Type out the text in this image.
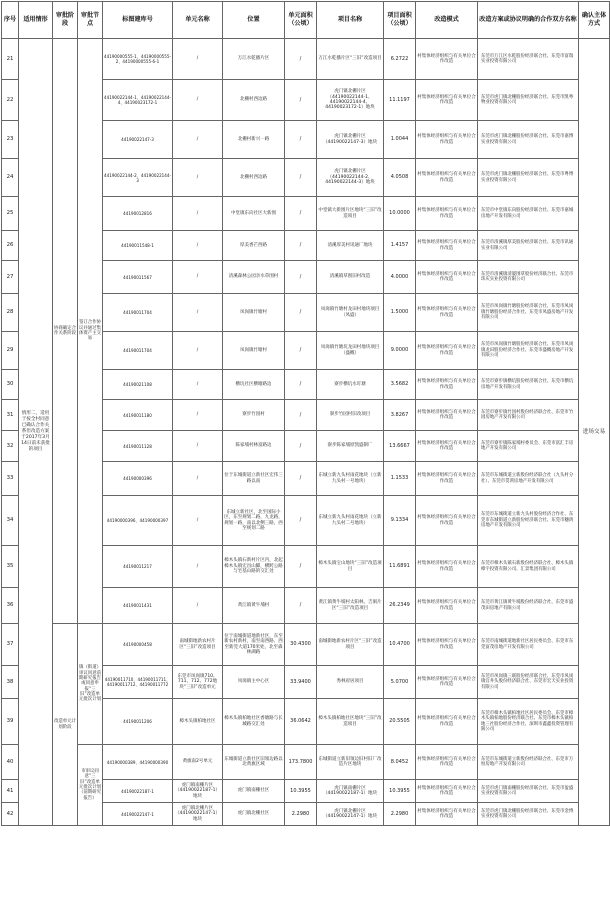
序号	适用情形	审批阶段	审批节点	标图建库号	单元名称	位置	单元面积（公顷）	项目名称	项目面积（公顷）	改造模式	改造方案或协议明确的合作双方名称	确认主体方式
21	情形二，适用于按全村同意已确认合作关系但改造方案于2017年3月14日前未获批的项目	协商确定合作关系阶段	签订合作协议并通过集体资产主交易	44190000555-1、44190000555-2、44190000555-6-1	/	万江水乾播片区	/	万江水乾播片区“三旧”改造项目	6.2722	村集体经济组织与有关单位合作改造	东莞市万江区水乾股份经济联合社、东莞市富瑞实业投资有限公司	进场交易
22				44190022144-1、44190022144-4、44190023172-1	/	北栅村西边路	/	虎门镇北栅片区（44190022144-1、44190022144-4、44190023172-1）地块	11.1197	村集体经济组织与有关单位合作改造	东莞市虎门镇北栅股份经济联合社、东莞市凯粤物业投资有限公司	
23				44190022147-3	/	北栅村新兴一路	/	虎门镇北栅片区（44190022147-3）地块	1.0044	村集体经济组织与有关单位合作改造	东莞市虎门镇北栅股份经济联合社、东莞市嘉博实业投资有限公司	
24				44190022144-2、44190022144-3	/	北栅村西边路	/	虎门镇北栅片区（44190022144-2、44190022144-3）地块	4.0508	村集体经济组织与有关单位合作改造	东莞市虎门镇北栅股份经济联合社、东莞市粤博实业投资有限公司	
25				44190012816	/	中堂镇东向社区大新围	/	中堂镇大新围片区地块“三旧”改造项目	10.0000	村集体经济组织与有关单位合作改造	东莞市中堂镇东向股份经济联合社、东莞市嘉城房地产开发有限公司	
26				44190011548-1	/	厚美香芒西路	/	清溪厚美村讯通厂地块	1.4157	村集体经济组织与有关单位合作改造	东莞市清溪镇厚美股份经济联合社、东莞市讯通实业有限公司	
27				44190011567	/	清溪森林公园亲水草围村	/	清溪镇草围旧村改造	4.0000	村集体经济组织与有关单位合作改造	东莞市清溪镇清厦围草股份经济联合社、东莞市玮庆实业投资有限公司	
28				44190011704	/	凤岗镇竹塘村	/	凤岗镇竹塘村龙田村地块项目（凤盛）	1.5000	村集体经济组织与有关单位合作改造	东莞市凤岗镇竹塘股份经济联合社、东莞市凤岗镇竹塘股份经济合作社、东莞市凤盛房地产开发有限公司	
29				44190011704	/	凤岗镇竹塘村	/	凤岗镇竹塘坑龙田村地块项目（盛概）	9.0000	村集体经济组织与有关单位合作改造	东莞市凤岗镇竹塘股份经济联合社、东莞市凤岗镇龙田股份经济合作社、东莞市盛概房地产开发有限公司	
30				44190021108	/	横坑社区横塘路边	/	寮步横坑水叮塘	3.5682	村集体经济组织与有关单位合作改造	东莞市寮步镇横坑股份经济联合社、东莞市横坑房地产开发有限公司	
31				44190011180	/	寮步竹园村	/	寮步竹园村旧改项目	3.8267	村集体经济组织与有关单位合作改造	东莞市寮步镇竹园村股份经济联合社、东莞市竹园房地产开发有限公司	
32				44190011128	/	陈家埔村林富路边	/	寮步陈家埔原凯盛制厂	13.6667	村集体经济组织与有关单位合作改造	东莞市寮步镇陈家埔村委员会、东莞市富汇丰房地产开发有限公司	
33				44190000396	/	位于东城街道立新社区宏伟三路以南	/	东城立新九头村雨花地块（立新九头村一号地块）	1.1533	村集体经济组织与有关单位合作改造	东莞市东城街道立新股份经济联合社（九头村分社）、东莞市贯鸿房地产开发有限公司	
34				44190000396、44190000397	/	东城立新社区，北至国际小区，东至规划二路，九龙路，规划一路，南以北侧三路，西至规划二路	/	东城立新九头村雨花地块（立新九头村二号地块）	9.1334	村集体经济组织与有关单位合作改造	东莞市东城街道立新九头村股份经济合作社、东莞市东城街道立新股份经济联合社、东莞市穗鸿房地产开发有限公司	
35				44190011217	/	樟木头镇石新村片区内，北起樟木头镇宏昌山脚，横跨公路与宅基山路的交汇处	/	樟木头镇宝山地块“三旧”改造项目	11.6891	村集体经济组织与有关单位合作改造	东莞市樟木头镇石新股份经济联合社、樟木头镇樟宇投资有限公司、汇景集团有限公司	
36				44190011431	/	黄江镇黄牛埔村	/	黄江镇黄牛埔村太阳林、吉洞片区“三旧”改造项目	26.2349	村集体经济组织与有关单位合作改造	东莞市黄江镇黄牛埔股份经济联合社、东莞市盛茂田房地产有限公司	
37		改造单元计划阶段	镇（街道）审议同意前期研究报告或同意申报“三旧”改造单元批次计划	44190000458	南城街地新农村片区“三旧”改造项目	位于南城街道地新社区，东至新农村新村，南至南西路、西至新莞大道170米处，北至森林湖路	30.4300	南城街地新农村片区“三旧”改造项目	10.4700	村集体经济组织与有关单位合作改造	东莞市南城街道地新社区居民委员会、东莞市东莞富茂房地产开发有限公司	
38				44190011710、44190011711、44190011712、44190011772	东莞市凤岗镇710、711、712、772地块“三旧”改造单元	凤岗镇主中心区	33.9400	秀林府居项目	5.0700	村集体经济组织与有关单位合作改造	东莞市凤岗镇三联股份经济联合社、东莞市凤岗镇官井头股份经济联合社、东莞市宏天实业投资有限公司	
39				44190011206	樟木头镇柏地社区	樟木头镇柏地社区香塘路与长城路交汇处	36.0642	樟木头镇柏地社区地块“三旧”改造项目	20.5505	村集体经济组织与有关单位合作改造	东莞市樟木头镇柏地社区居民委员会、东莞市樟木头镇柏地股份经济联合社、东莞市樟木头镇柏地三社股份经济合作社、深圳市鑫鑫投资管理有限公司	
40			市审议同意“三旧”改造单元批次计划（前期研究报告）	44190000389、44190000390	黄旗南2号单元	东城街道立新社区旧领边路以北黄旗区域	173.7800	东城街道立新旧领边旧村旧厂改造片区地块	8.0452	村集体经济组织与有关单位合作改造	东莞市东城街道立新股份经济联合社、东莞市万恒房地产开发有限公司	
41				44190022187-1	虎门镇南栅片区（44190022187-1）地块	虎门镇南栅社区	10.3955	虎门镇南栅片区（44190022187-1）地块	10.3955	村集体经济组织与有关单位合作改造	东莞市虎门镇南栅股份经济联合社、东莞市盈盛实业投资有限公司	
42				44190022147-1	虎门镇北栅片区（44190022147-1）地块	虎门镇北栅社区	2.2980	虎门镇北栅片区（44190022147-1）地块	2.2980	村集体经济组织与有关单位合作改造	东莞市虎门镇北栅股份经济联合社、东莞市金博实业投资有限公司	
